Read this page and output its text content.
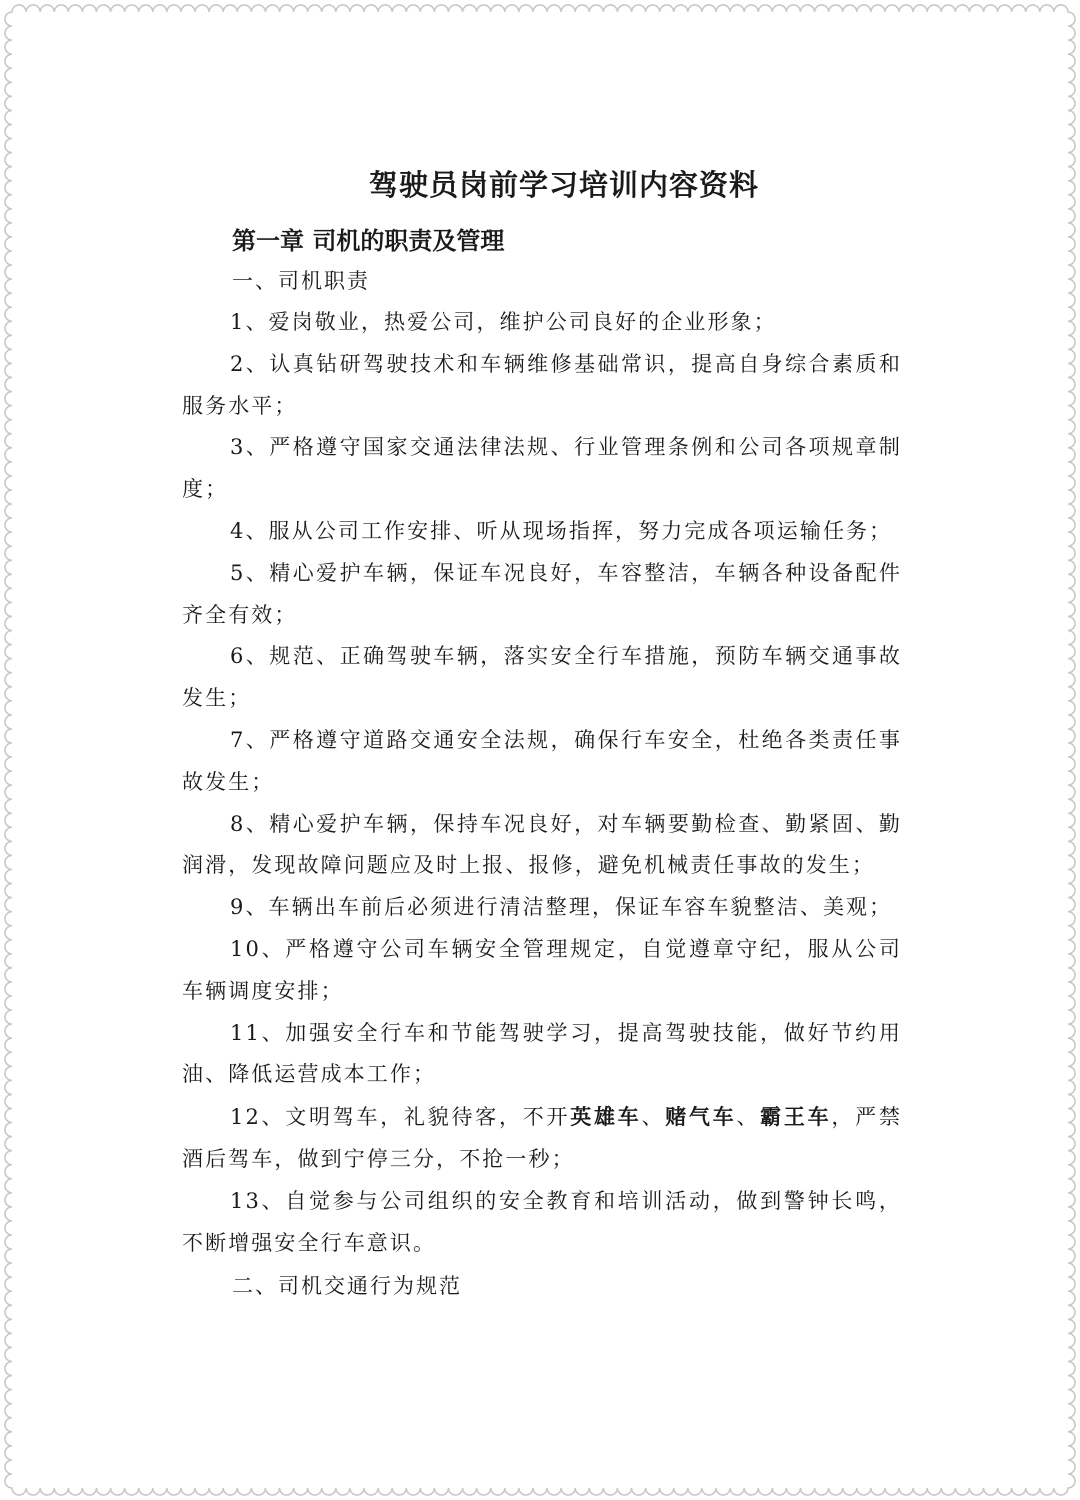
驾驶员岗前学习培训内容资料
第一章 司机的职责及管理
一、司机职责

1、爱岗敬业，热爱公司，维护公司良好的企业形象；

2、认真钻研驾驶技术和车辆维修基础常识，提高自身综合素质和服务水平；

3、严格遵守国家交通法律法规、行业管理条例和公司各项规章制度；

4、服从公司工作安排、听从现场指挥，努力完成各项运输任务；

5、精心爱护车辆，保证车况良好，车容整洁，车辆各种设备配件齐全有效；

6、规范、正确驾驶车辆，落实安全行车措施，预防车辆交通事故发生；

7、严格遵守道路交通安全法规，确保行车安全，杜绝各类责任事故发生；

8、精心爱护车辆，保持车况良好，对车辆要勤检查、勤紧固、勤润滑，发现故障问题应及时上报、报修，避免机械责任事故的发生；

9、车辆出车前后必须进行清洁整理，保证车容车貌整洁、美观；

10、严格遵守公司车辆安全管理规定，自觉遵章守纪，服从公司车辆调度安排；

11、加强安全行车和节能驾驶学习，提高驾驶技能，做好节约用油、降低运营成本工作；

12、文明驾车，礼貌待客，不开英雄车、赌气车、霸王车，严禁酒后驾车，做到宁停三分，不抢一秒；

13、自觉参与公司组织的安全教育和培训活动，做到警钟长鸣，不断增强安全行车意识。

二、司机交通行为规范
